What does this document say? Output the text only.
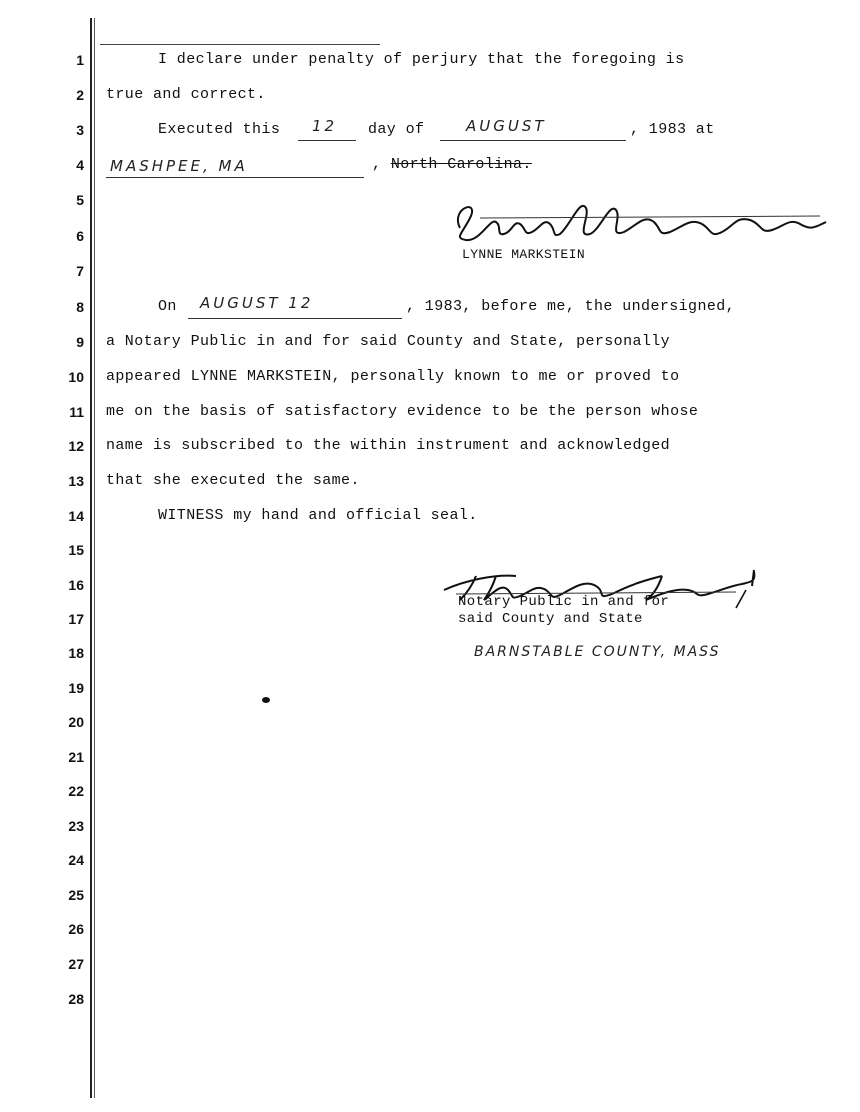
1
2
3
4
5
6
7
8
9
10
11
12
13
14
15
16
17
18
19
20
21
22
23
24
25
26
27
28
I declare under penalty of perjury that the foregoing is
true and correct.
Executed this 12 day of	AUGUST	, 1983 at
MASHPEE, MA	, North Carolina.
LYNNE MARKSTEIN
On AUGUST 12	, 1983, before me, the undersigned,
a Notary Public in and for said County and State, personally
appeared LYNNE MARKSTEIN, personally known to me or proved to
me on the basis of satisfactory evidence to be the person whose
name is subscribed to the within instrument and acknowledged
that she executed the same.
WITNESS my hand and official seal.
Notary Public in and for
said County and State
BARNSTABLE COUNTY, MASS
